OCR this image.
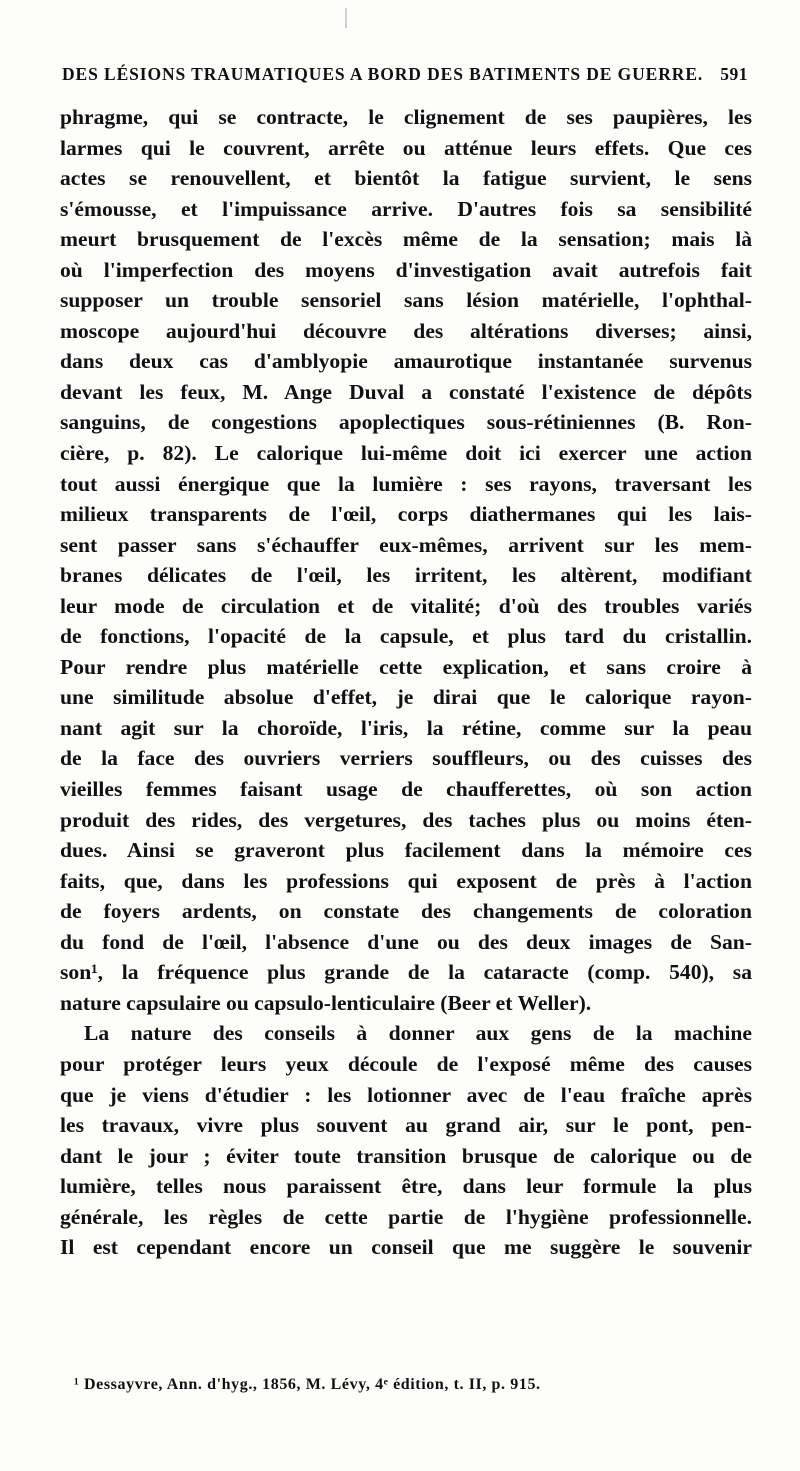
DES LÉSIONS TRAUMATIQUES A BORD DES BATIMENTS DE GUERRE. 591
phragme, qui se contracte, le clignement de ses paupières, les
larmes qui le couvrent, arrête ou atténue leurs effets. Que ces
actes se renouvellent, et bientôt la fatigue survient, le sens
s'émousse, et l'impuissance arrive. D'autres fois sa sensibilité
meurt brusquement de l'excès même de la sensation; mais là
où l'imperfection des moyens d'investigation avait autrefois fait
supposer un trouble sensoriel sans lésion matérielle, l'ophthal-
moscope aujourd'hui découvre des altérations diverses; ainsi,
dans deux cas d'amblyopie amaurotique instantanée survenus
devant les feux, M. Ange Duval a constaté l'existence de dépôts
sanguins, de congestions apoplectiques sous-rétiniennes (B. Ron-
cière, p. 82). Le calorique lui-même doit ici exercer une action
tout aussi énergique que la lumière : ses rayons, traversant les
milieux transparents de l'œil, corps diathermanes qui les lais-
sent passer sans s'échauffer eux-mêmes, arrivent sur les mem-
branes délicates de l'œil, les irritent, les altèrent, modifiant
leur mode de circulation et de vitalité; d'où des troubles variés
de fonctions, l'opacité de la capsule, et plus tard du cristallin.
Pour rendre plus matérielle cette explication, et sans croire à
une similitude absolue d'effet, je dirai que le calorique rayon-
nant agit sur la choroïde, l'iris, la rétine, comme sur la peau
de la face des ouvriers verriers souffleurs, ou des cuisses des
vieilles femmes faisant usage de chaufferettes, où son action
produit des rides, des vergetures, des taches plus ou moins éten-
dues. Ainsi se graveront plus facilement dans la mémoire ces
faits, que, dans les professions qui exposent de près à l'action
de foyers ardents, on constate des changements de coloration
du fond de l'œil, l'absence d'une ou des deux images de San-
son¹, la fréquence plus grande de la cataracte (comp. 540), sa
nature capsulaire ou capsulo-lenticulaire (Beer et Weller).
La nature des conseils à donner aux gens de la machine
pour protéger leurs yeux découle de l'exposé même des causes
que je viens d'étudier : les lotionner avec de l'eau fraîche après
les travaux, vivre plus souvent au grand air, sur le pont, pen-
dant le jour ; éviter toute transition brusque de calorique ou de
lumière, telles nous paraissent être, dans leur formule la plus
générale, les règles de cette partie de l'hygiène professionnelle.
Il est cependant encore un conseil que me suggère le souvenir
¹ Dessayvre, Ann. d'hyg., 1856, M. Lévy, 4ᵉ édition, t. II, p. 915.
